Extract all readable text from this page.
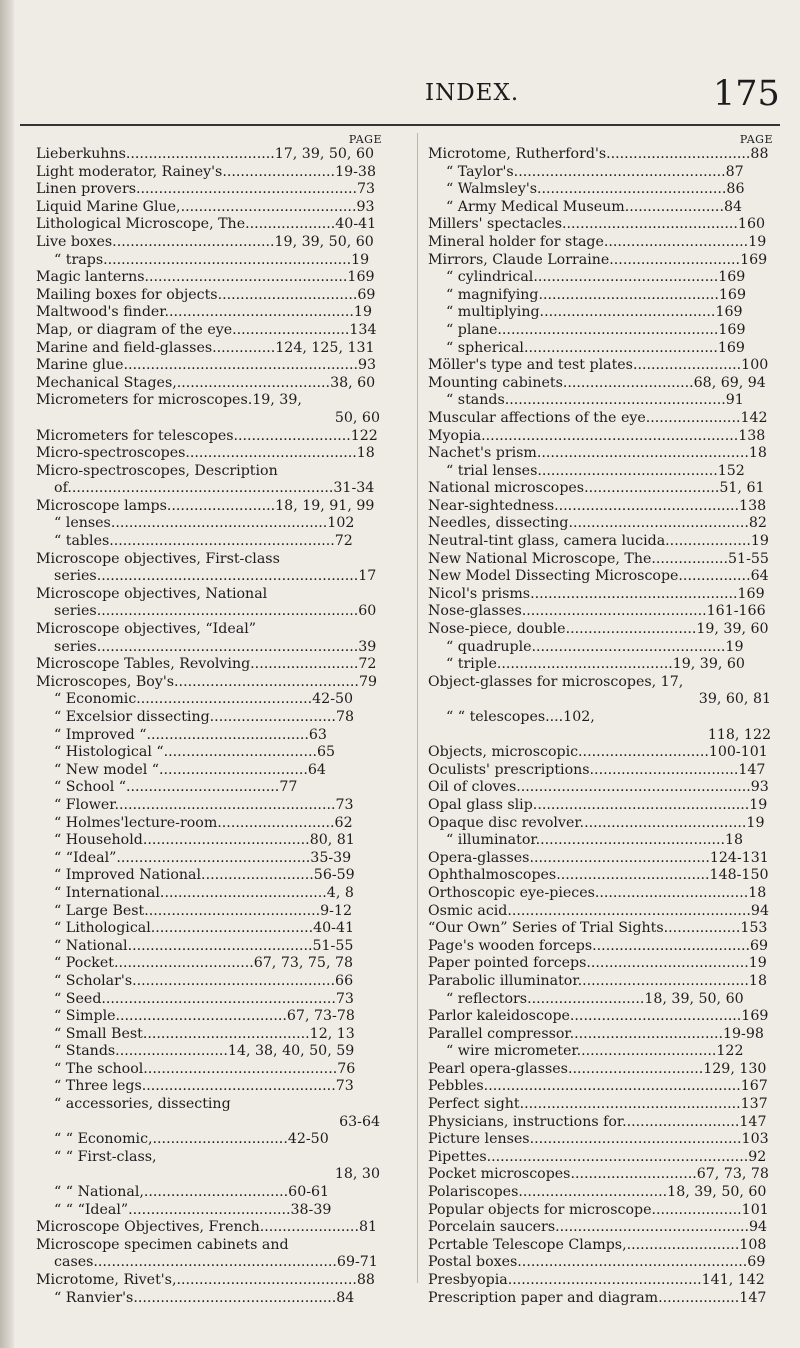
INDEX.	175
PAGE
Lieberkuhns.................................17, 39, 50, 60
Light moderator, Rainey's.........................19-38
Linen provers.................................................73
Liquid Marine Glue,.......................................93
Lithological Microscope, The....................40-41
Live boxes....................................19, 39, 50, 60
“ traps.......................................................19
Magic lanterns.............................................169
Mailing boxes for objects...............................69
Maltwood's finder..........................................19
Map, or diagram of the eye..........................134
Marine and field-glasses..............124, 125, 131
Marine glue....................................................93
Mechanical Stages,..................................38, 60
Micrometers for microscopes.19, 39,
50, 60
Micrometers for telescopes..........................122
Micro-spectroscopes......................................18
Micro-spectroscopes, Description
of...........................................................31-34
Microscope lamps........................18, 19, 91, 99
“ lenses................................................102
“ tables..................................................72
Microscope objectives, First-class
series..........................................................17
Microscope objectives, National
series..........................................................60
Microscope objectives, “Ideal”
series..........................................................39
Microscope Tables, Revolving........................72
Microscopes, Boy's.........................................79
“ Economic.......................................42-50
“ Excelsior dissecting............................78
“ Improved “....................................63
“ Histological “..................................65
“ New model “.................................64
“ School “..................................77
“ Flower.................................................73
“ Holmes'lecture-room..........................62
“ Household.....................................80, 81
“ “Ideal”...........................................35-39
“ Improved National.........................56-59
“ International.....................................4, 8
“ Large Best.......................................9-12
“ Lithological....................................40-41
“ National.........................................51-55
“ Pocket...............................67, 73, 75, 78
“ Scholar's.............................................66
“ Seed....................................................73
“ Simple......................................67, 73-78
“ Small Best.....................................12, 13
“ Stands.........................14, 38, 40, 50, 59
“ The school...........................................76
“ Three legs...........................................73
“ accessories, dissecting
63-64
“ “ Economic,..............................42-50
“ “ First-class,
18, 30
“ “ National,................................60-61
“ “ “Ideal”....................................38-39
Microscope Objectives, French......................81
Microscope specimen cabinets and
cases......................................................69-71
Microtome, Rivet's,........................................88
“ Ranvier's.............................................84
PAGE
Microtome, Rutherford's................................88
“ Taylor's...............................................87
“ Walmsley's..........................................86
“ Army Medical Museum......................84
Millers' spectacles.......................................160
Mineral holder for stage................................19
Mirrors, Claude Lorraine.............................169
“ cylindrical.........................................169
“ magnifying........................................169
“ multiplying.......................................169
“ plane.................................................169
“ spherical...........................................169
Möller's type and test plates........................100
Mounting cabinets.............................68, 69, 94
“ stands.................................................91
Muscular affections of the eye.....................142
Myopia.........................................................138
Nachet's prism...............................................18
“ trial lenses........................................152
National microscopes..............................51, 61
Near-sightedness.........................................138
Needles, dissecting........................................82
Neutral-tint glass, camera lucida...................19
New National Microscope, The.................51-55
New Model Dissecting Microscope................64
Nicol's prisms..............................................169
Nose-glasses.........................................161-166
Nose-piece, double.............................19, 39, 60
“ quadruple...........................................19
“ triple.......................................19, 39, 60
Object-glasses for microscopes, 17,
39, 60, 81
“ “ telescopes....102,
118, 122
Objects, microscopic.............................100-101
Oculists' prescriptions.................................147
Oil of cloves....................................................93
Opal glass slip................................................19
Opaque disc revolver.....................................19
“ illuminator..........................................18
Opera-glasses........................................124-131
Ophthalmoscopes..................................148-150
Orthoscopic eye-pieces..................................18
Osmic acid......................................................94
“Our Own” Series of Trial Sights.................153
Page's wooden forceps...................................69
Paper pointed forceps....................................19
Parabolic illuminator......................................18
“ reflectors..........................18, 39, 50, 60
Parlor kaleidoscope......................................169
Parallel compressor..................................19-98
“ wire micrometer...............................122
Pearl opera-glasses..............................129, 130
Pebbles.........................................................167
Perfect sight.................................................137
Physicians, instructions for..........................147
Picture lenses...............................................103
Pipettes..........................................................92
Pocket microscopes............................67, 73, 78
Polariscopes.................................18, 39, 50, 60
Popular objects for microscope....................101
Porcelain saucers...........................................94
Pcrtable Telescope Clamps,.........................108
Postal boxes...................................................69
Presbyopia...........................................141, 142
Prescription paper and diagram..................147
